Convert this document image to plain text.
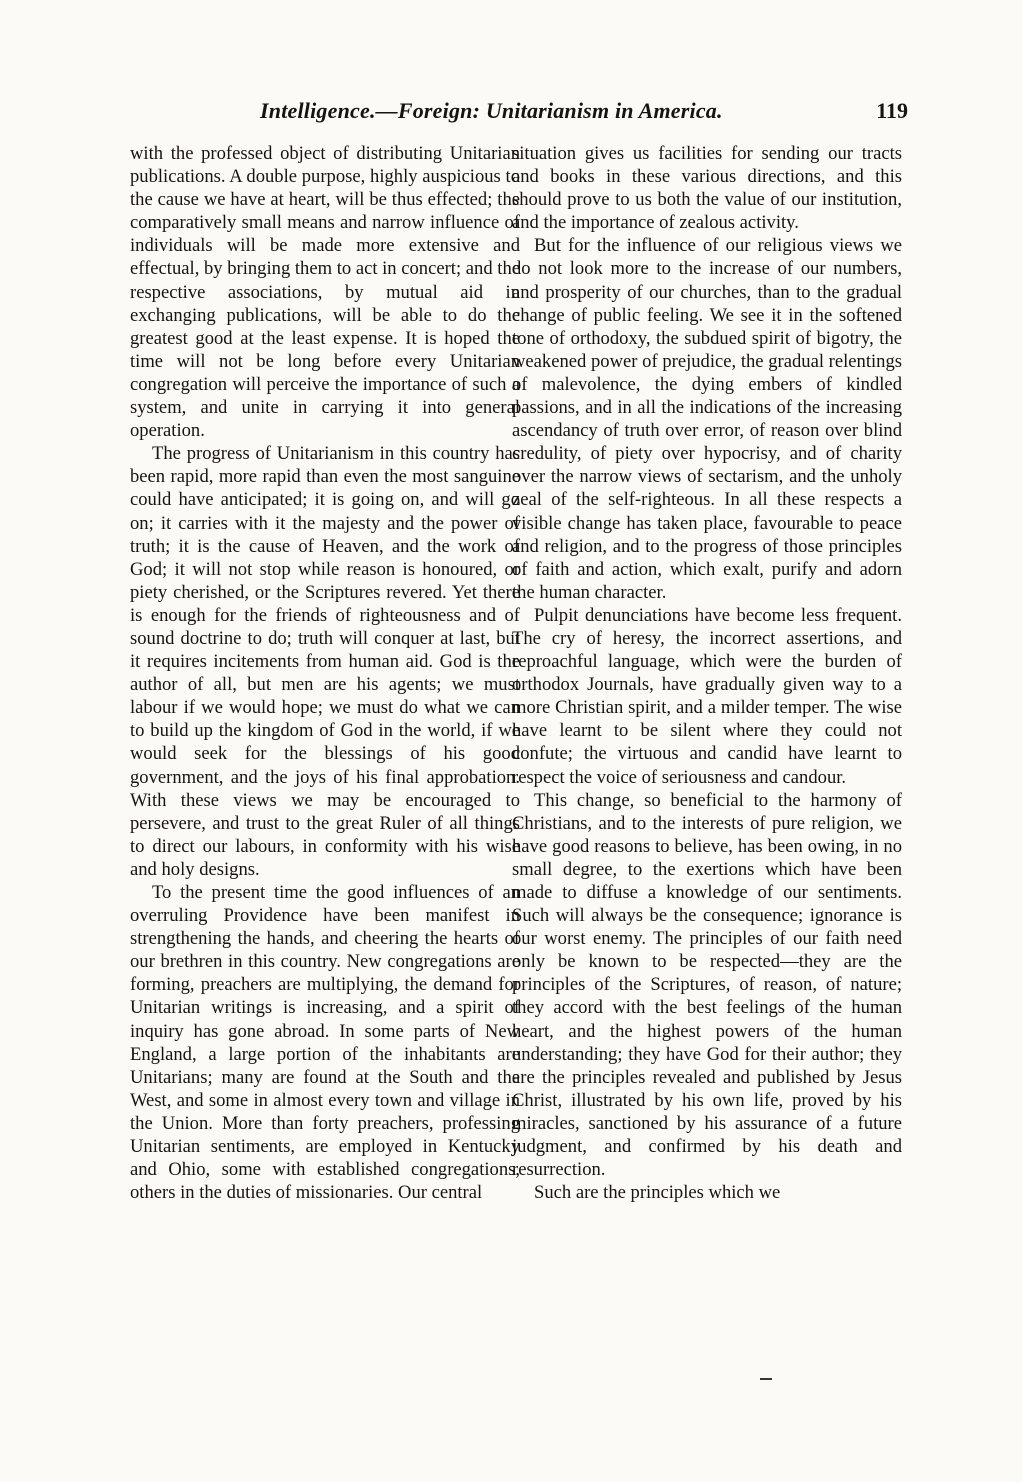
Intelligence.—Foreign: Unitarianism in America.	119

with the professed object of distributing Unitarian publications. A double purpose, highly auspicious to the cause we have at heart, will be thus effected; the comparatively small means and narrow influence of individuals will be made more extensive and effectual, by bringing them to act in concert; and the respective associations, by mutual aid in exchanging publications, will be able to do the greatest good at the least expense. It is hoped the time will not be long before every Unitarian congregation will perceive the importance of such a system, and unite in carrying it into general operation.

The progress of Unitarianism in this country has been rapid, more rapid than even the most sanguine could have anticipated; it is going on, and will go on; it carries with it the majesty and the power of truth; it is the cause of Heaven, and the work of God; it will not stop while reason is honoured, or piety cherished, or the Scriptures revered. Yet there is enough for the friends of righteousness and of sound doctrine to do; truth will conquer at last, but it requires incitements from human aid. God is the author of all, but men are his agents; we must labour if we would hope; we must do what we can to build up the kingdom of God in the world, if we would seek for the blessings of his good government, and the joys of his final approbation. With these views we may be encouraged to persevere, and trust to the great Ruler of all things to direct our labours, in conformity with his wise and holy designs.

To the present time the good influences of an overruling Providence have been manifest in strengthening the hands, and cheering the hearts of our brethren in this country. New congregations are forming, preachers are multiplying, the demand for Unitarian writings is increasing, and a spirit of inquiry has gone abroad. In some parts of New England, a large portion of the inhabitants are Unitarians; many are found at the South and the West, and some in almost every town and village in the Union. More than forty preachers, professing Unitarian sentiments, are employed in Kentucky and Ohio, some with established congregations, others in the duties of missionaries. Our central

situation gives us facilities for sending our tracts and books in these various directions, and this should prove to us both the value of our institution, and the importance of zealous activity.

But for the influence of our religious views we do not look more to the increase of our numbers, and prosperity of our churches, than to the gradual change of public feeling. We see it in the softened tone of orthodoxy, the subdued spirit of bigotry, the weakened power of prejudice, the gradual relentings of malevolence, the dying embers of kindled passions, and in all the indications of the increasing ascendancy of truth over error, of reason over blind credulity, of piety over hypocrisy, and of charity over the narrow views of sectarism, and the unholy zeal of the self-righteous. In all these respects a visible change has taken place, favourable to peace and religion, and to the progress of those principles of faith and action, which exalt, purify and adorn the human character.

Pulpit denunciations have become less frequent. The cry of heresy, the incorrect assertions, and reproachful language, which were the burden of orthodox Journals, have gradually given way to a more Christian spirit, and a milder temper. The wise have learnt to be silent where they could not confute; the virtuous and candid have learnt to respect the voice of seriousness and candour.

This change, so beneficial to the harmony of Christians, and to the interests of pure religion, we have good reasons to believe, has been owing, in no small degree, to the exertions which have been made to diffuse a knowledge of our sentiments. Such will always be the consequence; ignorance is our worst enemy. The principles of our faith need only be known to be respected—they are the principles of the Scriptures, of reason, of nature; they accord with the best feelings of the human heart, and the highest powers of the human understanding; they have God for their author; they are the principles revealed and published by Jesus Christ, illustrated by his own life, proved by his miracles, sanctioned by his assurance of a future judgment, and confirmed by his death and resurrection.

Such are the principles which we
